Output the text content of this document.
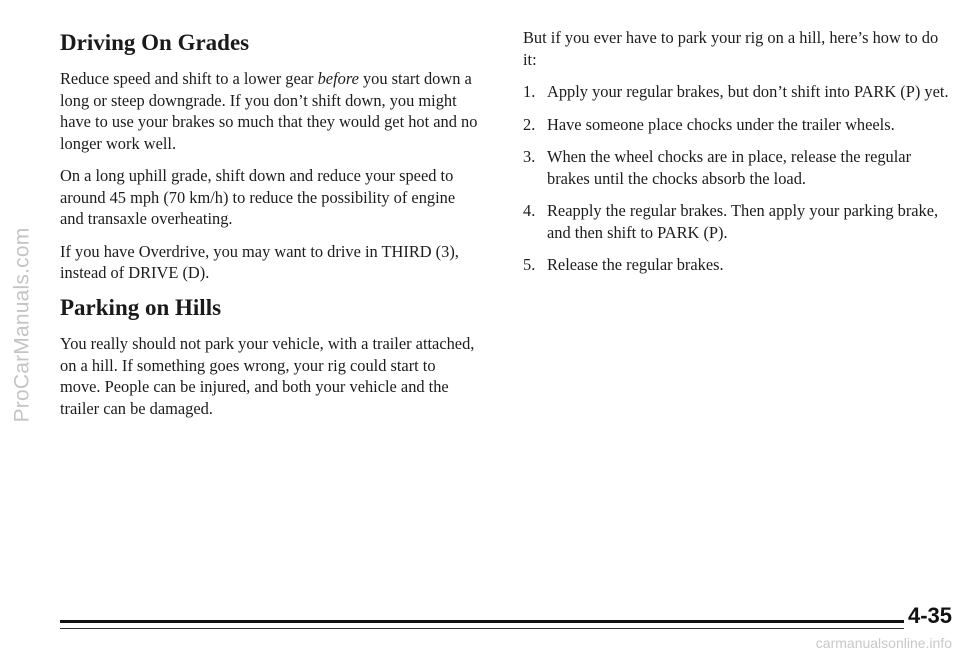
ProCarManuals.com
Driving On Grades

Reduce speed and shift to a lower gear before you start down a long or steep downgrade. If you don’t shift down, you might have to use your brakes so much that they would get hot and no longer work well.

On a long uphill grade, shift down and reduce your speed to around 45 mph (70 km/h) to reduce the possibility of engine and transaxle overheating.

If you have Overdrive, you may want to drive in THIRD (3), instead of DRIVE (D).

Parking on Hills

You really should not park your vehicle, with a trailer attached, on a hill. If something goes wrong, your rig could start to move. People can be injured, and both your vehicle and the trailer can be damaged.

But if you ever have to park your rig on a hill, here’s how to do it:

1. Apply your regular brakes, but don’t shift into PARK (P) yet.
2. Have someone place chocks under the trailer wheels.
3. When the wheel chocks are in place, release the regular brakes until the chocks absorb the load.
4. Reapply the regular brakes. Then apply your parking brake, and then shift to PARK (P).
5. Release the regular brakes.
4-35
carmanualsonline.info
